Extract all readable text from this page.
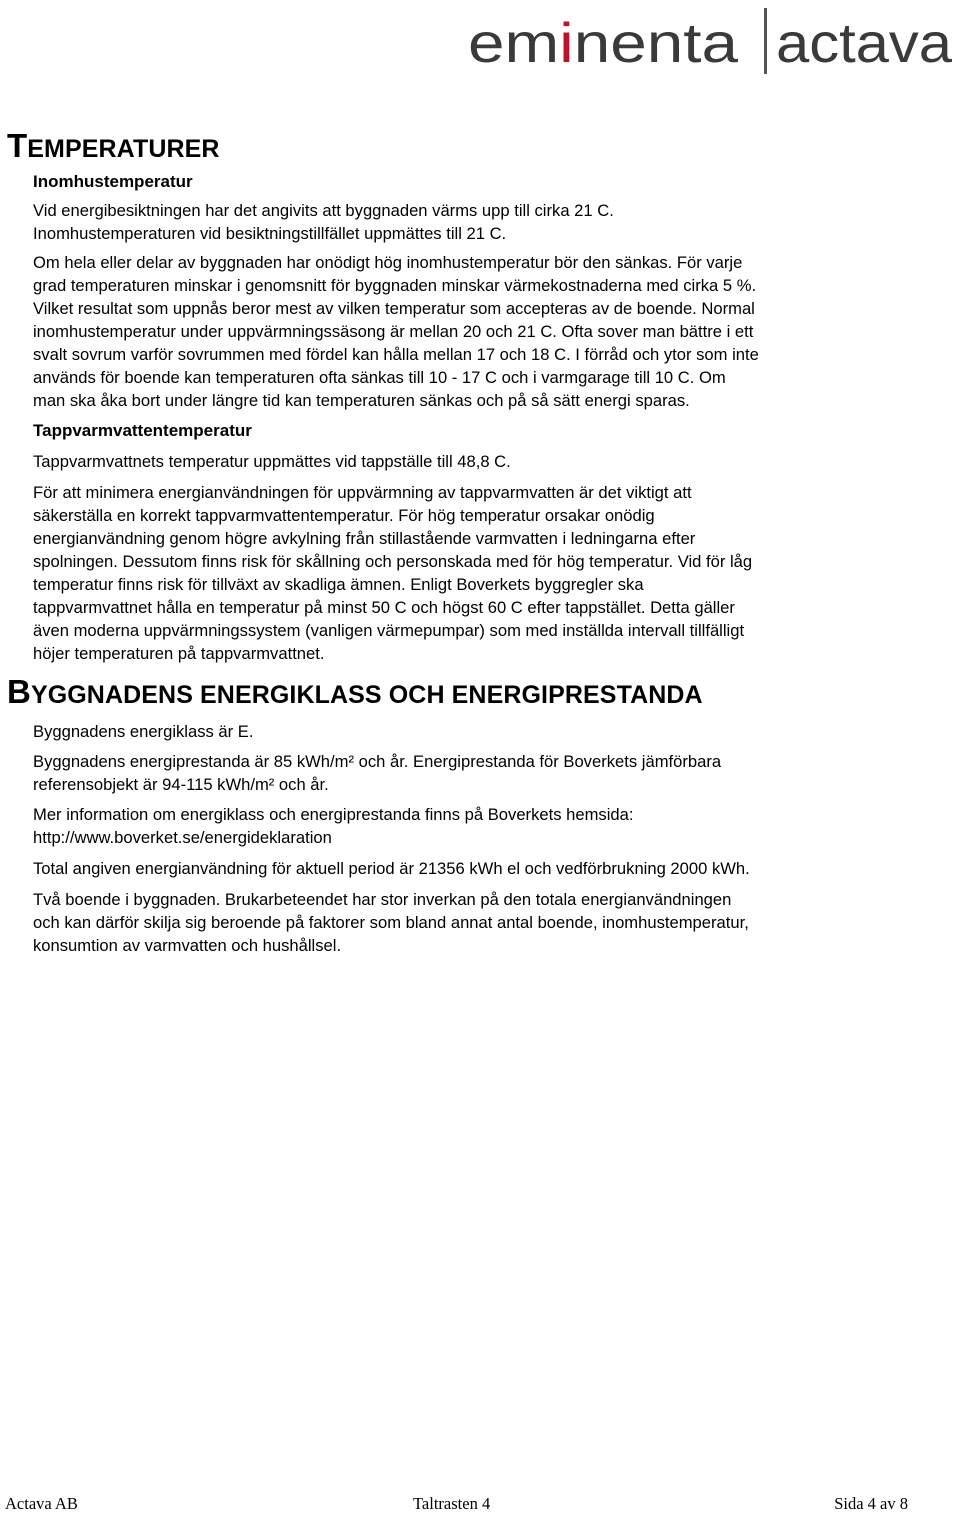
em inenta	actava
TEMPERATURER
Inomhustemperatur
Vid energibesiktningen har det angivits att byggnaden värms upp till cirka 21 C.
Inomhustemperaturen vid besiktningstillfället uppmättes till 21 C.
Om hela eller delar av byggnaden har onödigt hög inomhustemperatur bör den sänkas. För varje
grad temperaturen minskar i genomsnitt för byggnaden minskar värmekostnaderna med cirka 5 %.
Vilket resultat som uppnås beror mest av vilken temperatur som accepteras av de boende. Normal
inomhustemperatur under uppvärmningssäsong är mellan 20 och 21 C. Ofta sover man bättre i ett
svalt sovrum varför sovrummen med fördel kan hålla mellan 17 och 18 C. I förråd och ytor som inte
används för boende kan temperaturen ofta sänkas till 10 - 17 C och i varmgarage till 10 C. Om
man ska åka bort under längre tid kan temperaturen sänkas och på så sätt energi sparas.
Tappvarmvattentemperatur
Tappvarmvattnets temperatur uppmättes vid tappställe till 48,8 C.
För att minimera energianvändningen för uppvärmning av tappvarmvatten är det viktigt att
säkerställa en korrekt tappvarmvattentemperatur. För hög temperatur orsakar onödig
energianvändning genom högre avkylning från stillastående varmvatten i ledningarna efter
spolningen. Dessutom finns risk för skållning och personskada med för hög temperatur. Vid för låg
temperatur finns risk för tillväxt av skadliga ämnen. Enligt Boverkets byggregler ska
tappvarmvattnet hålla en temperatur på minst 50 C och högst 60 C efter tappstället. Detta gäller
även moderna uppvärmningssystem (vanligen värmepumpar) som med inställda intervall tillfälligt
höjer temperaturen på tappvarmvattnet.
BYGGNADENS ENERGIKLASS OCH ENERGIPRESTANDA
Byggnadens energiklass är E.
Byggnadens energiprestanda är 85 kWh/m² och år. Energiprestanda för Boverkets jämförbara
referensobjekt är 94-115 kWh/m² och år.
Mer information om energiklass och energiprestanda finns på Boverkets hemsida:
http://www.boverket.se/energideklaration
Total angiven energianvändning för aktuell period är 21356 kWh el och vedförbrukning 2000 kWh.
Två boende i byggnaden. Brukarbeteendet har stor inverkan på den totala energianvändningen
och kan därför skilja sig beroende på faktorer som bland annat antal boende, inomhustemperatur,
konsumtion av varmvatten och hushållsel.
Actava AB	Taltrasten 4	Sida 4 av 8
